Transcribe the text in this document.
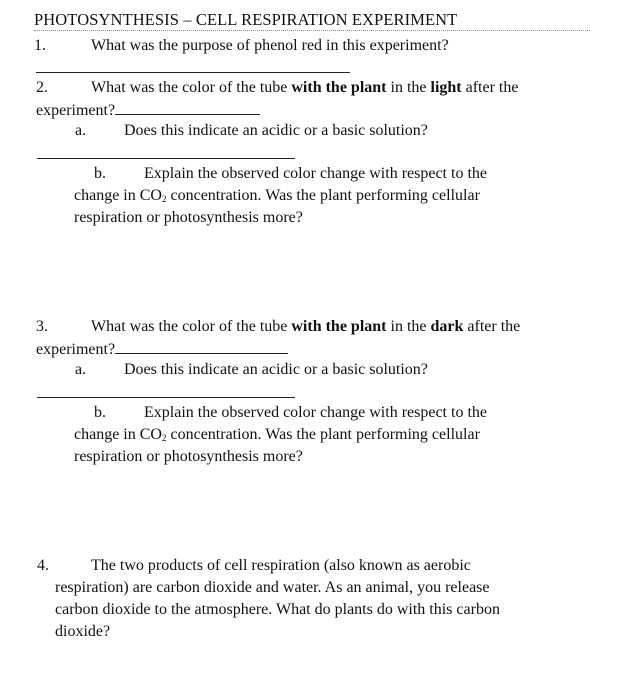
PHOTOSYNTHESIS – CELL RESPIRATION EXPERIMENT
1.	What was the purpose of phenol red in this experiment?
2.	What was the color of the tube with the plant in the light after the
experiment?
a. Does this indicate an acidic or a basic solution?
b. Explain the observed color change with respect to the
change in $CO_2$ concentration. Was the plant performing cellular
respiration or photosynthesis more?
3.	What was the color of the tube with the plant in the dark after the
experiment?
a. Does this indicate an acidic or a basic solution?
b. Explain the observed color change with respect to the
change in $CO_2$ concentration. Was the plant performing cellular
respiration or photosynthesis more?
4.	The two products of cell respiration (also known as aerobic
respiration) are carbon dioxide and water. As an animal, you release
carbon dioxide to the atmosphere. What do plants do with this carbon
dioxide?
